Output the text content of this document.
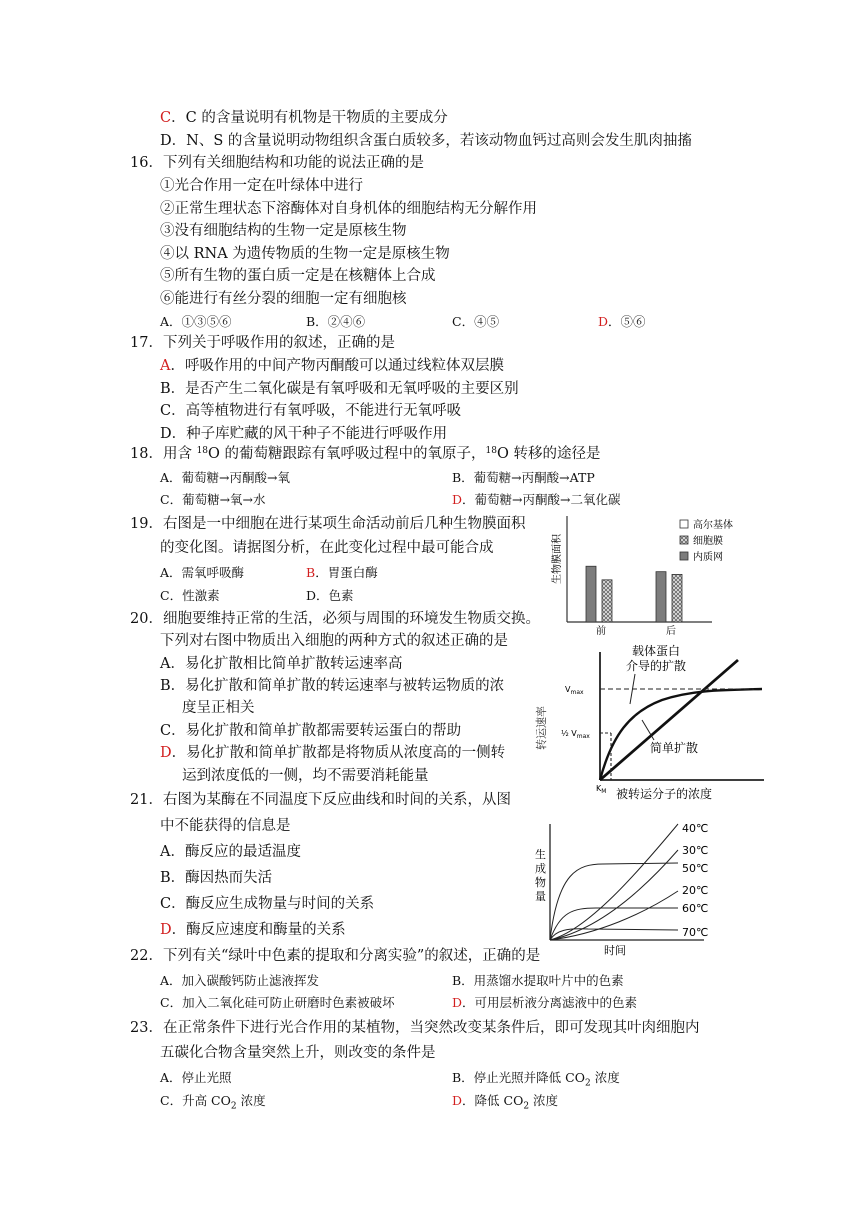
C．C 的含量说明有机物是干物质的主要成分
D．N、S 的含量说明动物组织含蛋白质较多，若该动物血钙过高则会发生肌肉抽搐
16．下列有关细胞结构和功能的说法正确的是
①光合作用一定在叶绿体中进行
②正常生理状态下溶酶体对自身机体的细胞结构无分解作用
③没有细胞结构的生物一定是原核生物
④以 RNA 为遗传物质的生物一定是原核生物
⑤所有生物的蛋白质一定是在核糖体上合成
⑥能进行有丝分裂的细胞一定有细胞核
A．①③⑤⑥	B．②④⑥	C．④⑤	D．⑤⑥
17．下列关于呼吸作用的叙述，正确的是
A．呼吸作用的中间产物丙酮酸可以通过线粒体双层膜
B．是否产生二氧化碳是有氧呼吸和无氧呼吸的主要区别
C．高等植物进行有氧呼吸，不能进行无氧呼吸
D．种子库贮藏的风干种子不能进行呼吸作用
18．用含 $^{18}$O 的葡萄糖跟踪有氧呼吸过程中的氧原子，$^{18}$O 转移的途径是
A．葡萄糖→丙酮酸→氧	B．葡萄糖→丙酮酸→ATP
C．葡萄糖→氧→水	D．葡萄糖→丙酮酸→二氧化碳
19．右图是一中细胞在进行某项生命活动前后几种生物膜面积
的变化图。请据图分析，在此变化过程中最可能合成
A．需氧呼吸酶	B．胃蛋白酶
C．性激素	D．色素
生物膜面积
前	后
高尔基体
细胞膜
内质网
20．细胞要维持正常的生活，必须与周围的环境发生物质交换。
下列对右图中物质出入细胞的两种方式的叙述正确的是
A．易化扩散相比简单扩散转运速率高
B．易化扩散和简单扩散的转运速率与被转运物质的浓
度呈正相关
C．易化扩散和简单扩散都需要转运蛋白的帮助
D．易化扩散和简单扩散都是将物质从浓度高的一侧转
运到浓度低的一侧，均不需要消耗能量
载体蛋白
介导的扩散
$V_{max}$
½ $V_{max}$
转运速率	简单扩散
$K_M$ 被转运分子的浓度
21．右图为某酶在不同温度下反应曲线和时间的关系，从图
中不能获得的信息是
A．酶反应的最适温度
B．酶因热而失活
C．酶反应生成物量与时间的关系
D．酶反应速度和酶量的关系
生
成
物
量
时间
40℃
30℃
50℃
20℃
60℃
70℃
22．下列有关“绿叶中色素的提取和分离实验”的叙述，正确的是
A．加入碳酸钙防止滤液挥发	B．用蒸馏水提取叶片中的色素
C．加入二氧化硅可防止研磨时色素被破坏	D．可用层析液分离滤液中的色素
23．在正常条件下进行光合作用的某植物，当突然改变某条件后，即可发现其叶肉细胞内
五碳化合物含量突然上升，则改变的条件是
A．停止光照	B．停止光照并降低 $CO_2$ 浓度
C．升高 $CO_2$ 浓度	D．降低 $CO_2$ 浓度
